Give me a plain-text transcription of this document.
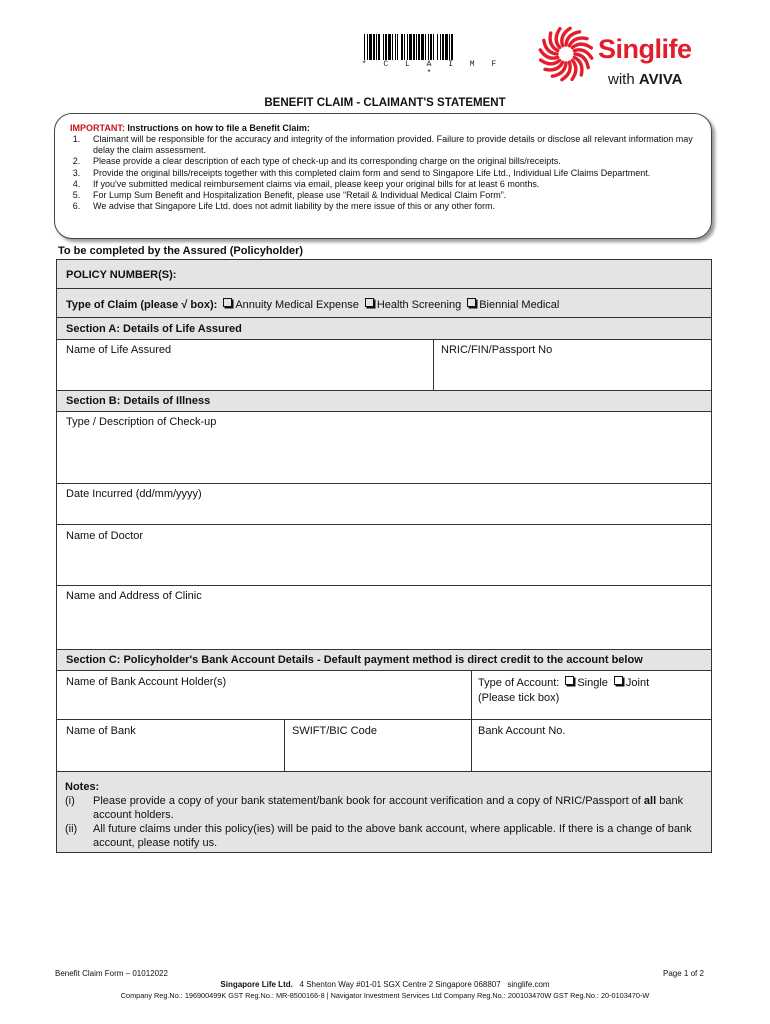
* C L A I M F *
Singlife
with AVIVA
BENEFIT CLAIM - CLAIMANT'S STATEMENT
IMPORTANT: Instructions on how to file a Benefit Claim:
1.	Claimant will be responsible for the accuracy and integrity of the information provided. Failure to provide details or disclose all relevant information may delay the claim assessment.
2.	Please provide a clear description of each type of check-up and its corresponding charge on the original bills/receipts.
3.	Provide the original bills/receipts together with this completed claim form and send to Singapore Life Ltd., Individual Life Claims Department.
4.	If you've submitted medical reimbursement claims via email, please keep your original bills for at least 6 months.
5.	For Lump Sum Benefit and Hospitalization Benefit, please use “Retail & Individual Medical Claim Form”.
6.	We advise that Singapore Life Ltd. does not admit liability by the mere issue of this or any other form.
To be completed by the Assured (Policyholder)
POLICY NUMBER(S):
Type of Claim (please √ box): Annuity Medical Expense Health Screening Biennial Medical
Section A: Details of Life Assured
Name of Life Assured	NRIC/FIN/Passport No
Section B: Details of Illness
Type / Description of Check-up
Date Incurred (dd/mm/yyyy)
Name of Doctor
Name and Address of Clinic
Section C: Policyholder's Bank Account Details - Default payment method is direct credit to the account below
Name of Bank Account Holder(s)	Type of Account: Single Joint
(Please tick box)
Name of Bank	SWIFT/BIC Code	Bank Account No.
Notes:
(i)	Please provide a copy of your bank statement/bank book for account verification and a copy of NRIC/Passport of all bank account holders.
(ii)	All future claims under this policy(ies) will be paid to the above bank account, where applicable. If there is a change of bank account, please notify us.
Benefit Claim Form – 01012022	Page 1 of 2
Singapore Life Ltd. 4 Shenton Way #01-01 SGX Centre 2 Singapore 068807 singlife.com
Company Reg.No.: 196900499K GST Reg.No.: MR-8500166-8 | Navigator Investment Services Ltd Company Reg.No.: 200103470W GST Reg.No.: 20-0103470-W
